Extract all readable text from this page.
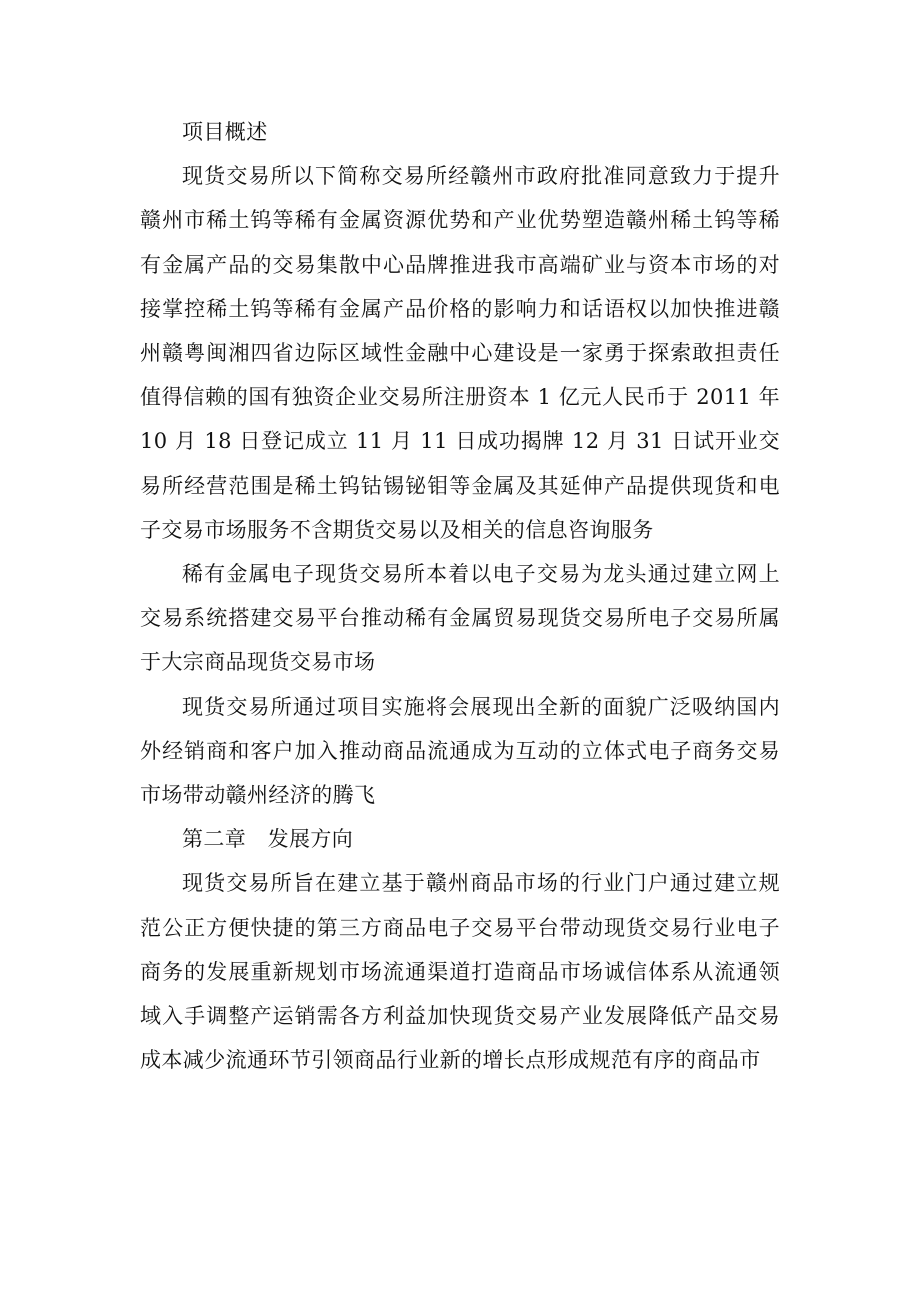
项目概述

现货交易所以下简称交易所经赣州市政府批准同意致力于提升赣州市稀土钨等稀有金属资源优势和产业优势塑造赣州稀土钨等稀有金属产品的交易集散中心品牌推进我市高端矿业与资本市场的对接掌控稀土钨等稀有金属产品价格的影响力和话语权以加快推进赣州赣粤闽湘四省边际区域性金融中心建设是一家勇于探索敢担责任值得信赖的国有独资企业交易所注册资本 1 亿元人民币于 2011 年 10 月 18 日登记成立 11 月 11 日成功揭牌 12 月 31 日试开业交易所经营范围是稀土钨钴锡铋钼等金属及其延伸产品提供现货和电子交易市场服务不含期货交易以及相关的信息咨询服务

稀有金属电子现货交易所本着以电子交易为龙头通过建立网上交易系统搭建交易平台推动稀有金属贸易现货交易所电子交易所属于大宗商品现货交易市场

现货交易所通过项目实施将会展现出全新的面貌广泛吸纳国内外经销商和客户加入推动商品流通成为互动的立体式电子商务交易市场带动赣州经济的腾飞

第二章　发展方向

现货交易所旨在建立基于赣州商品市场的行业门户通过建立规范公正方便快捷的第三方商品电子交易平台带动现货交易行业电子商务的发展重新规划市场流通渠道打造商品市场诚信体系从流通领域入手调整产运销需各方利益加快现货交易产业发展降低产品交易成本减少流通环节引领商品行业新的增长点形成规范有序的商品市
